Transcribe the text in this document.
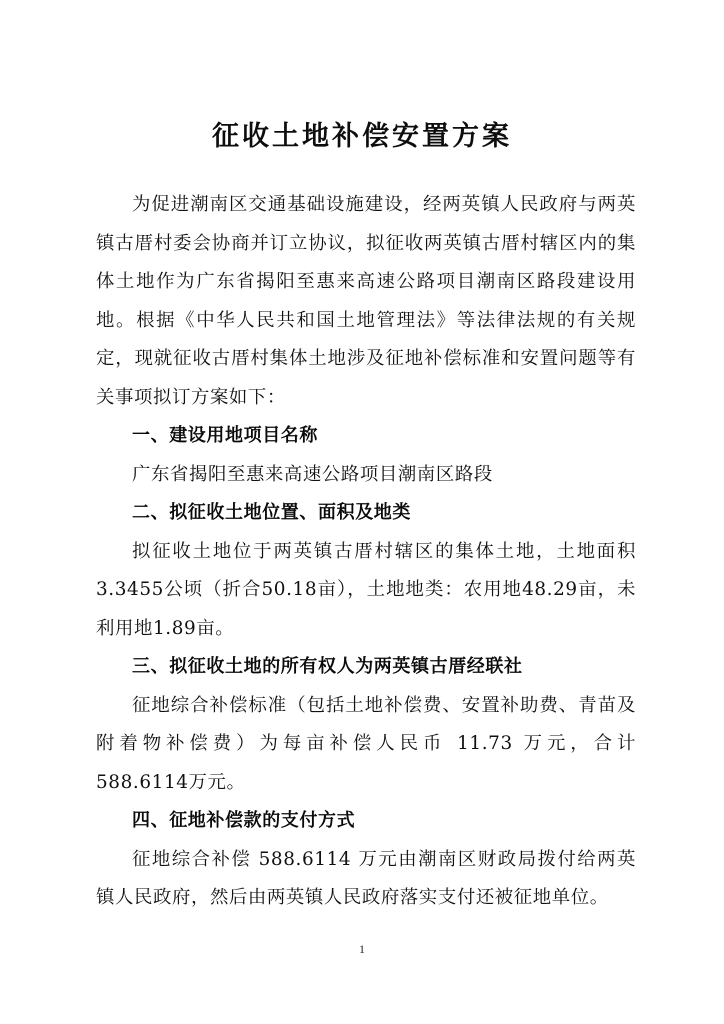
征收土地补偿安置方案

为促进潮南区交通基础设施建设，经两英镇人民政府与两英镇古厝村委会协商并订立协议，拟征收两英镇古厝村辖区内的集体土地作为广东省揭阳至惠来高速公路项目潮南区路段建设用地。根据《中华人民共和国土地管理法》等法律法规的有关规定，现就征收古厝村集体土地涉及征地补偿标准和安置问题等有关事项拟订方案如下：

一、建设用地项目名称

广东省揭阳至惠来高速公路项目潮南区路段

二、拟征收土地位置、面积及地类

拟征收土地位于两英镇古厝村辖区的集体土地，土地面积3.3455公顷（折合50.18亩），土地地类：农用地48.29亩，未利用地1.89亩。

三、拟征收土地的所有权人为两英镇古厝经联社

征地综合补偿标准（包括土地补偿费、安置补助费、青苗及附着物补偿费）为每亩补偿人民币 11.73 万元，合计588.6114万元。

四、征地补偿款的支付方式

征地综合补偿 588.6114 万元由潮南区财政局拨付给两英镇人民政府，然后由两英镇人民政府落实支付还被征地单位。

1
